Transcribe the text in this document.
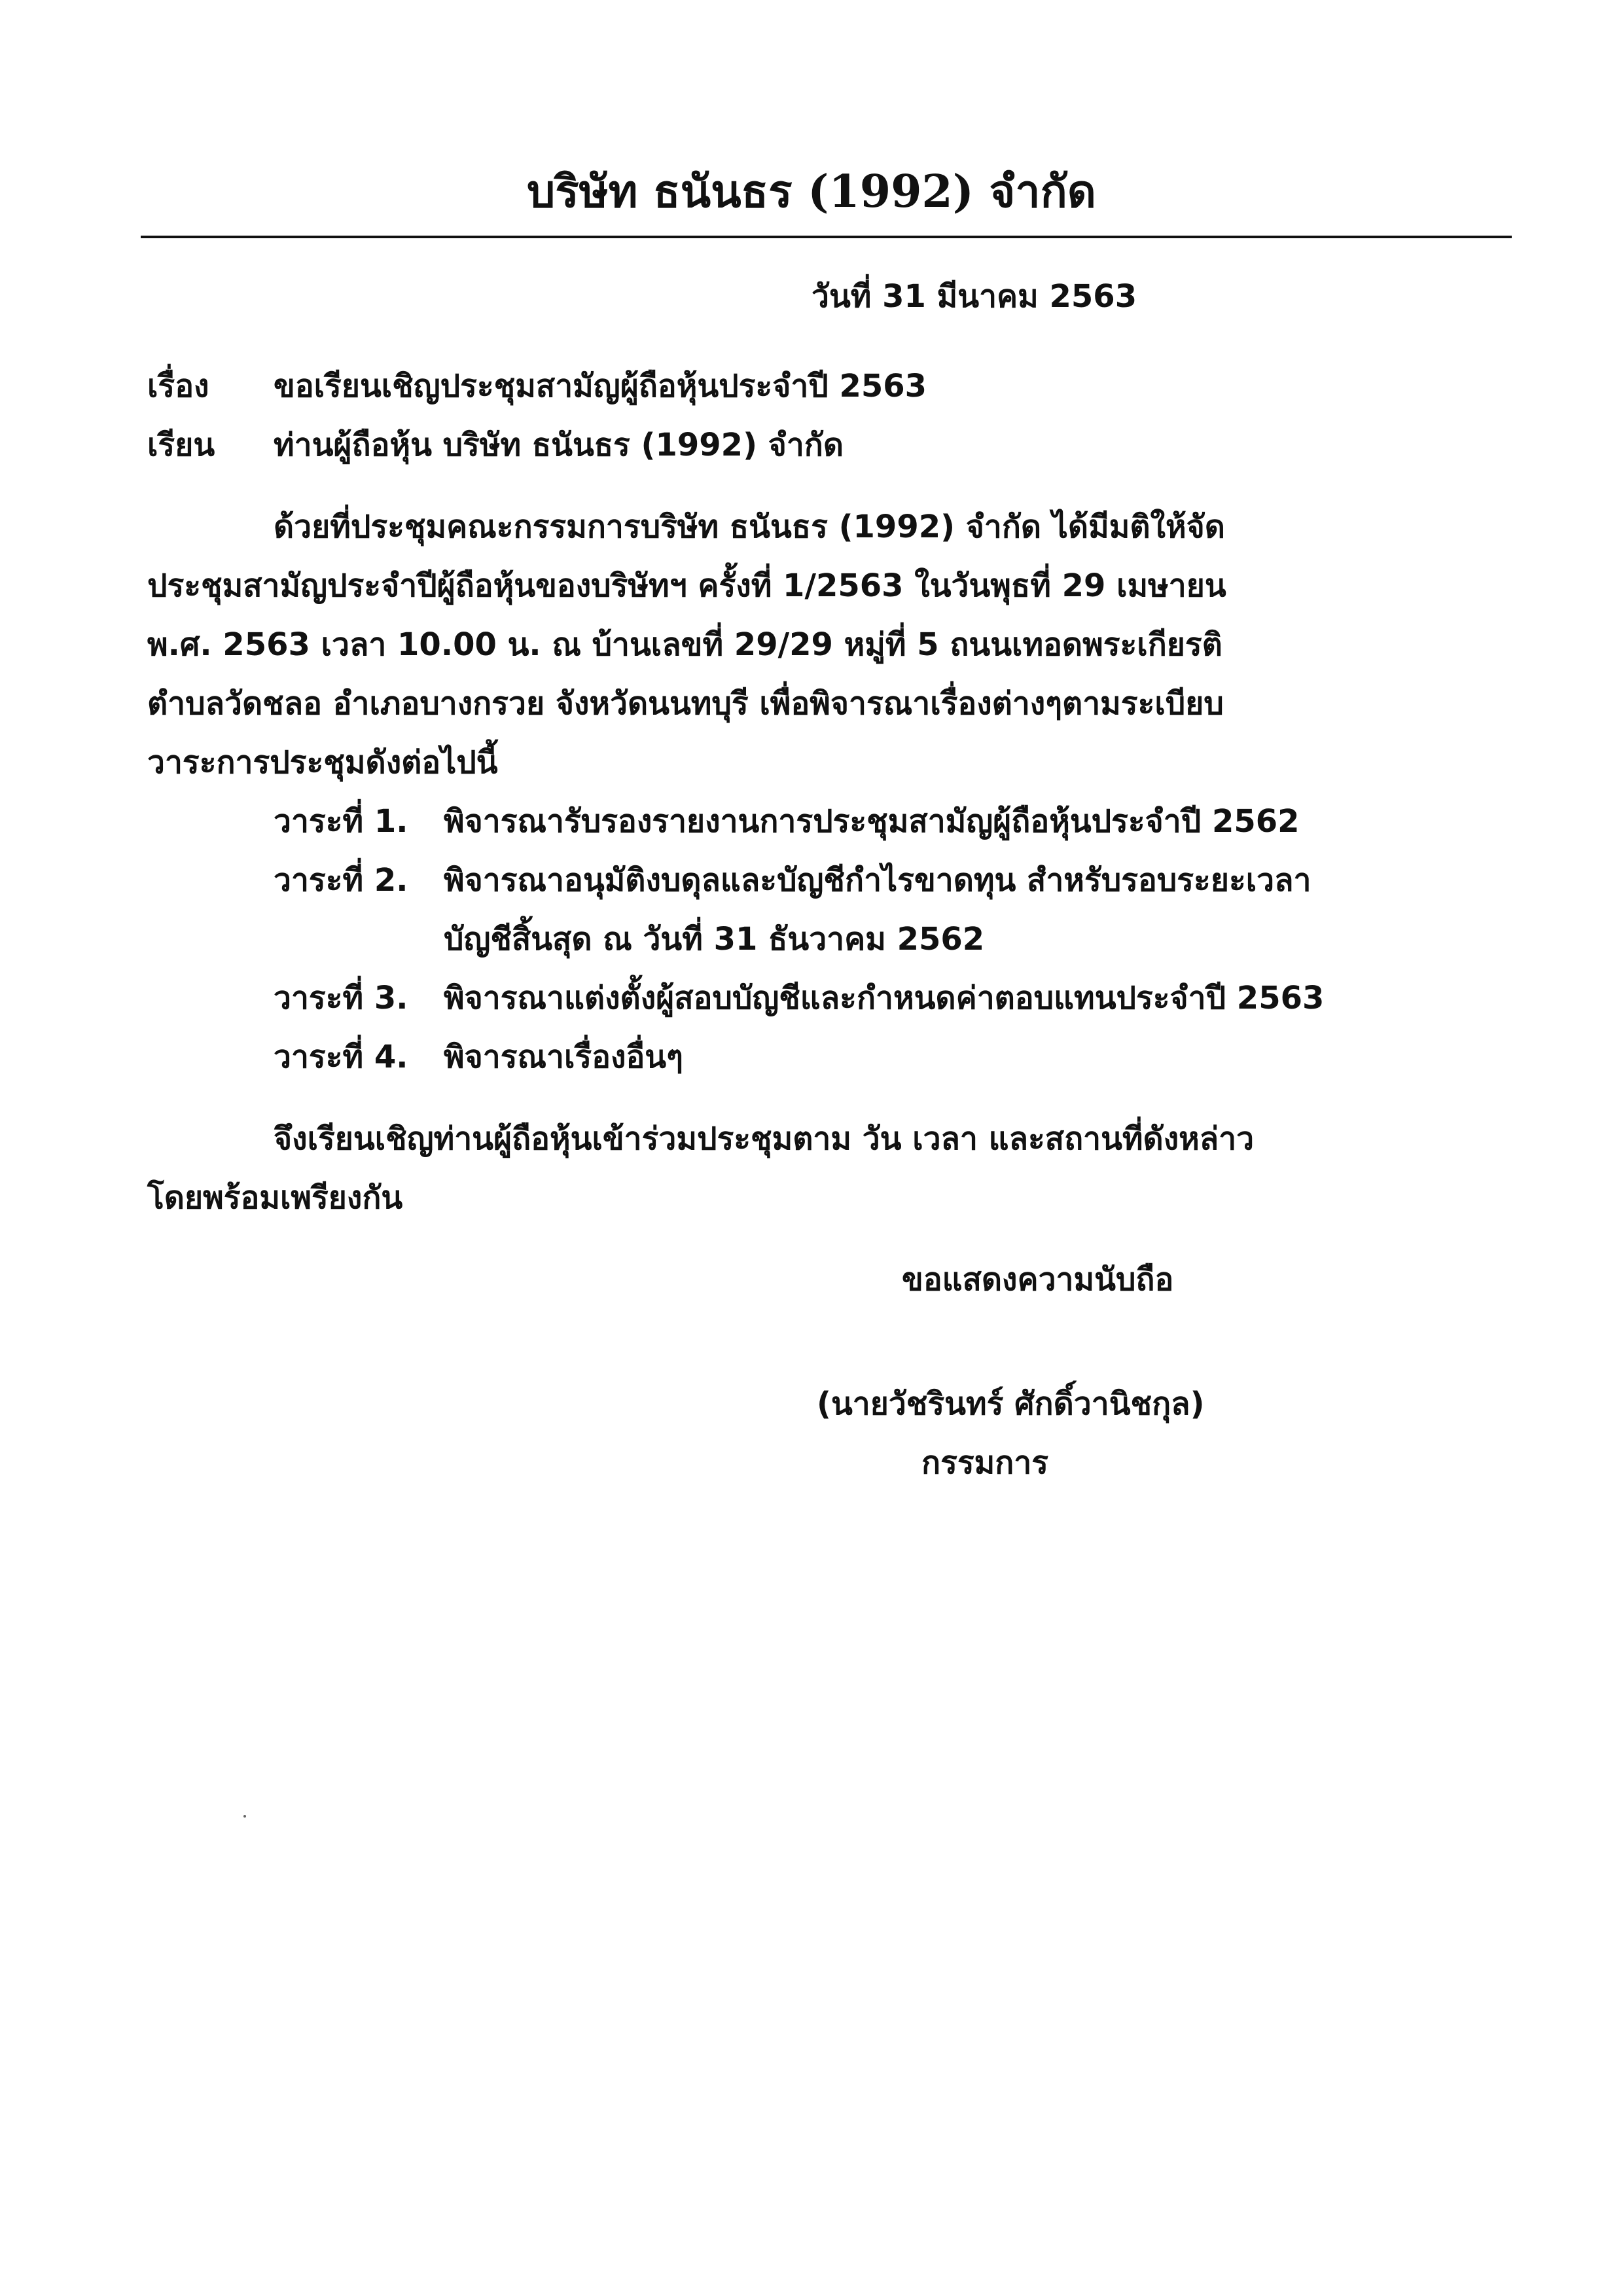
บริษัท ธนันธร (1992) จำกัด
วันที่ 31 มีนาคม 2563
เรื่อง ขอเรียนเชิญประชุมสามัญผู้ถือหุ้นประจำปี 2563
เรียน ท่านผู้ถือหุ้น บริษัท ธนันธร (1992) จำกัด
ด้วยที่ประชุมคณะกรรมการบริษัท ธนันธร (1992) จำกัด ได้มีมติให้จัด
ประชุมสามัญประจำปีผู้ถือหุ้นของบริษัทฯ ครั้งที่ 1/2563 ในวันพุธที่ 29 เมษายน
พ.ศ. 2563 เวลา 10.00 น. ณ บ้านเลขที่ 29/29 หมู่ที่ 5 ถนนเทอดพระเกียรติ
ตำบลวัดชลอ อำเภอบางกรวย จังหวัดนนทบุรี เพื่อพิจารณาเรื่องต่างๆตามระเบียบ
วาระการประชุมดังต่อไปนี้
วาระที่ 1. พิจารณารับรองรายงานการประชุมสามัญผู้ถือหุ้นประจำปี 2562
วาระที่ 2. พิจารณาอนุมัติงบดุลและบัญชีกำไรขาดทุน สำหรับรอบระยะเวลา
บัญชีสิ้นสุด ณ วันที่ 31 ธันวาคม 2562
วาระที่ 3. พิจารณาแต่งตั้งผู้สอบบัญชีและกำหนดค่าตอบแทนประจำปี 2563
วาระที่ 4. พิจารณาเรื่องอื่นๆ
จึงเรียนเชิญท่านผู้ถือหุ้นเข้าร่วมประชุมตาม วัน เวลา และสถานที่ดังหล่าว
โดยพร้อมเพรียงกัน
ขอแสดงความนับถือ
(นายวัชรินทร์ ศักดิ์วานิชกุล)
กรรมการ
